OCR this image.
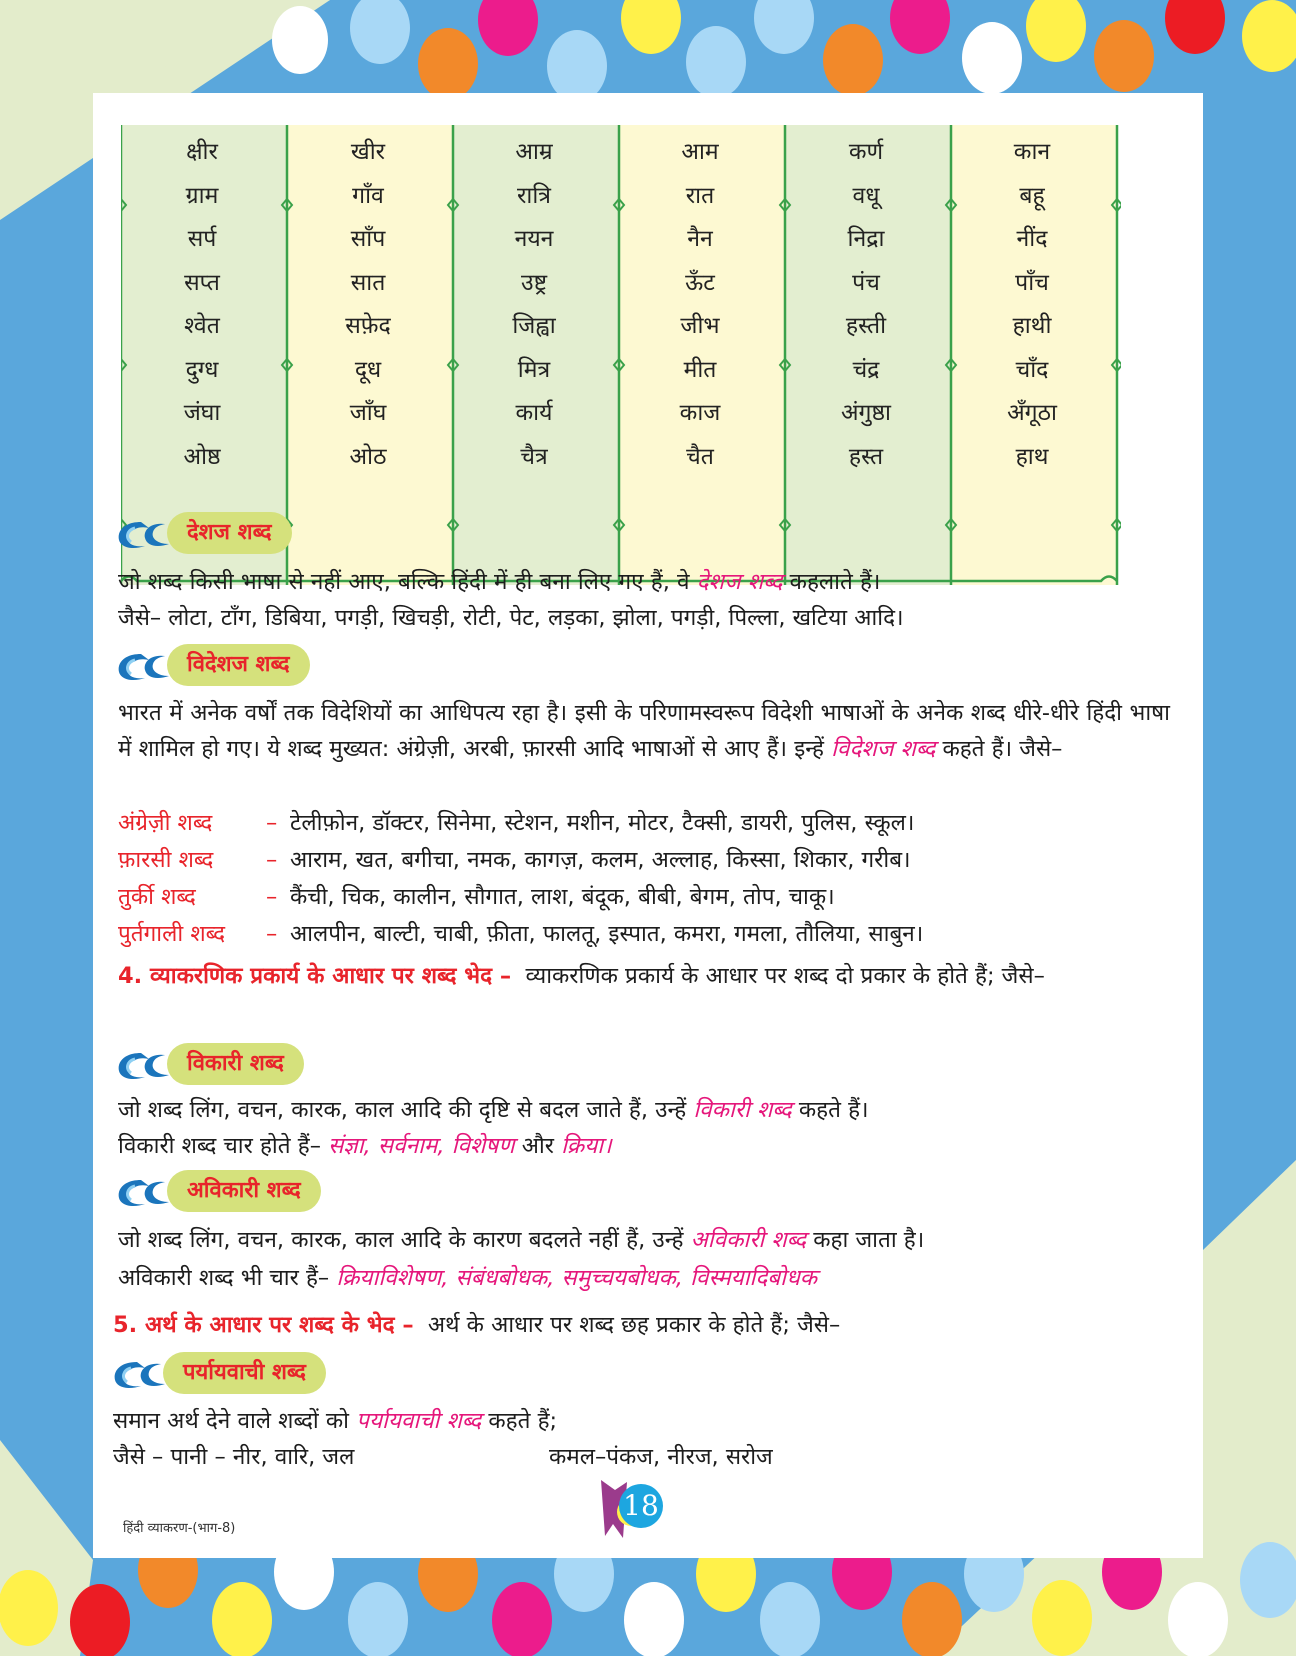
क्षीर
ग्राम
सर्प
सप्त
श्वेत
दुग्ध
जंघा
ओष्ठ
खीर
गाँव
साँप
सात
सफ़ेद
दूध
जाँघ
ओठ
आम्र
रात्रि
नयन
उष्ट्र
जिह्वा
मित्र
कार्य
चैत्र
आम
रात
नैन
ऊँट
जीभ
मीत
काज
चैत
कर्ण
वधू
निद्रा
पंच
हस्ती
चंद्र
अंगुष्ठा
हस्त
कान
बहू
नींद
पाँच
हाथी
चाँद
अँगूठा
हाथ
देशज शब्द
जो शब्द किसी भाषा से नहीं आए, बल्कि हिंदी में ही बना लिए गए हैं, वे देशज शब्द कहलाते हैं।
जैसे– लोटा, टाँग, डिबिया, पगड़ी, खिचड़ी, रोटी, पेट, लड़का, झोला, पगड़ी, पिल्ला, खटिया आदि।
विदेशज शब्द
भारत में अनेक वर्षों तक विदेशियों का आधिपत्य रहा है। इसी के परिणामस्वरूप विदेशी भाषाओं के अनेक शब्द धीरे-धीरे हिंदी भाषा में शामिल हो गए। ये शब्द मुख्यत: अंग्रेज़ी, अरबी, फ़ारसी आदि भाषाओं से आए हैं। इन्हें विदेशज शब्द कहते हैं। जैसे–
अंग्रेज़ी शब्द – टेलीफ़ोन, डॉक्टर, सिनेमा, स्टेशन, मशीन, मोटर, टैक्सी, डायरी, पुलिस, स्कूल।
फ़ारसी शब्द – आराम, खत, बगीचा, नमक, कागज़, कलम, अल्लाह, किस्सा, शिकार, गरीब।
तुर्की शब्द	– कैंची, चिक, कालीन, सौगात, लाश, बंदूक, बीबी, बेगम, तोप, चाकू।
पुर्तगाली शब्द – आलपीन, बाल्टी, चाबी, फ़ीता, फालतू, इस्पात, कमरा, गमला, तौलिया, साबुन।
4. व्याकरणिक प्रकार्य के आधार पर शब्द भेद – व्याकरणिक प्रकार्य के आधार पर शब्द दो प्रकार के होते हैं; जैसे–
विकारी शब्द
जो शब्द लिंग, वचन, कारक, काल आदि की दृष्टि से बदल जाते हैं, उन्हें विकारी शब्द कहते हैं।
विकारी शब्द चार होते हैं– संज्ञा, सर्वनाम, विशेषण और क्रिया।
अविकारी शब्द
जो शब्द लिंग, वचन, कारक, काल आदि के कारण बदलते नहीं हैं, उन्हें अविकारी शब्द कहा जाता है।
अविकारी शब्द भी चार हैं– क्रियाविशेषण, संबंधबोधक, समुच्चयबोधक, विस्मयादिबोधक
5. अर्थ के आधार पर शब्द के भेद – अर्थ के आधार पर शब्द छह प्रकार के होते हैं; जैसे–
पर्यायवाची शब्द
समान अर्थ देने वाले शब्दों को पर्यायवाची शब्द कहते हैं;
जैसे – पानी – नीर, वारि, जल	कमल–पंकज, नीरज, सरोज
हिंदी व्याकरण-(भाग-8)
18
